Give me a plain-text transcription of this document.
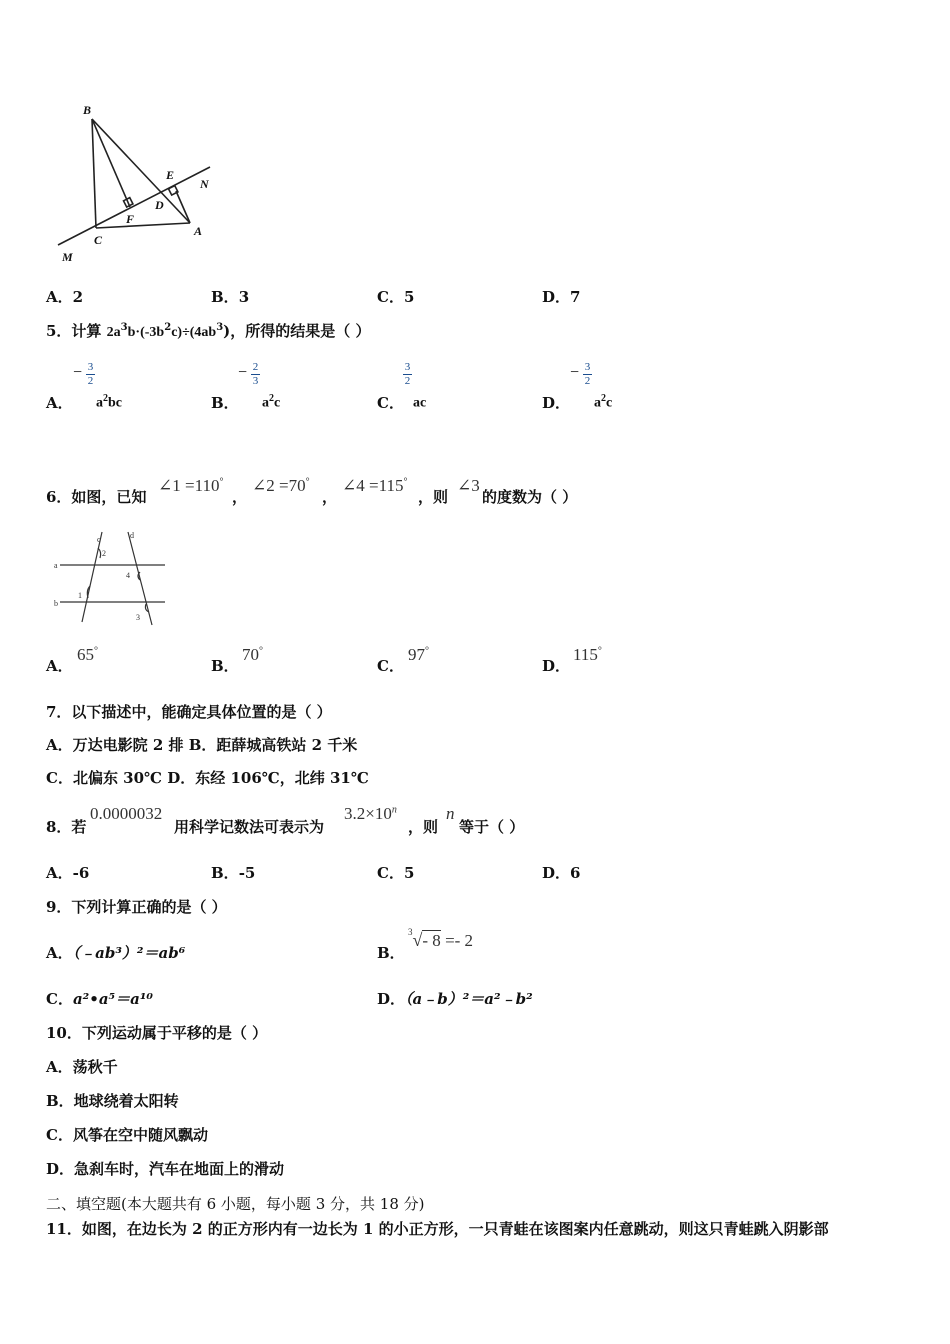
B
E
N
D
F
C
A
M
A．2	B．3	C．5	D．7
5．计算 $2a^3b\cdot(-3b^2c)\div(4ab^3)$，所得的结果是（ ）
A．
− 3
2
$a^2bc$	B．
− 2
3
$a^2c$	C．
3
2
ac	D．
− 3
2
$a^2c$
6．如图，已知
∠1 =110°
，
∠2 =70°
，
∠4 =115°
，则
∠3
的度数为（ ）
c	d
a
b
1
2
3
4
A．
65°
B．
70°
C．
97°
D．
115°
7．以下描述中，能确定具体位置的是（ ）
A．万达电影院 2 排 B．距薛城高铁站 2 千米
C．北偏东 30℃ D．东经 106℃，北纬 31℃
8．若
0.0000032
用科学记数法可表示为
$3.2\times 10^n$
，则
n
等于（ ）
A．-6	B．-5	C．5	D．6
9．下列计算正确的是（ ）
A．（﹣ab³）²＝ab⁶	B．
$^3$√- 8 =- 2
C．a²•a⁵＝a¹⁰	D．（a﹣b）²＝a²﹣b²
10．下列运动属于平移的是（ ）
A．荡秋千
B．地球绕着太阳转
C．风筝在空中随风飘动
D．急刹车时，汽车在地面上的滑动
二、填空题(本大题共有 6 小题，每小题 3 分，共 18 分)
11．如图，在边长为 2 的正方形内有一边长为 1 的小正方形，一只青蛙在该图案内任意跳动，则这只青蛙跳入阴影部
